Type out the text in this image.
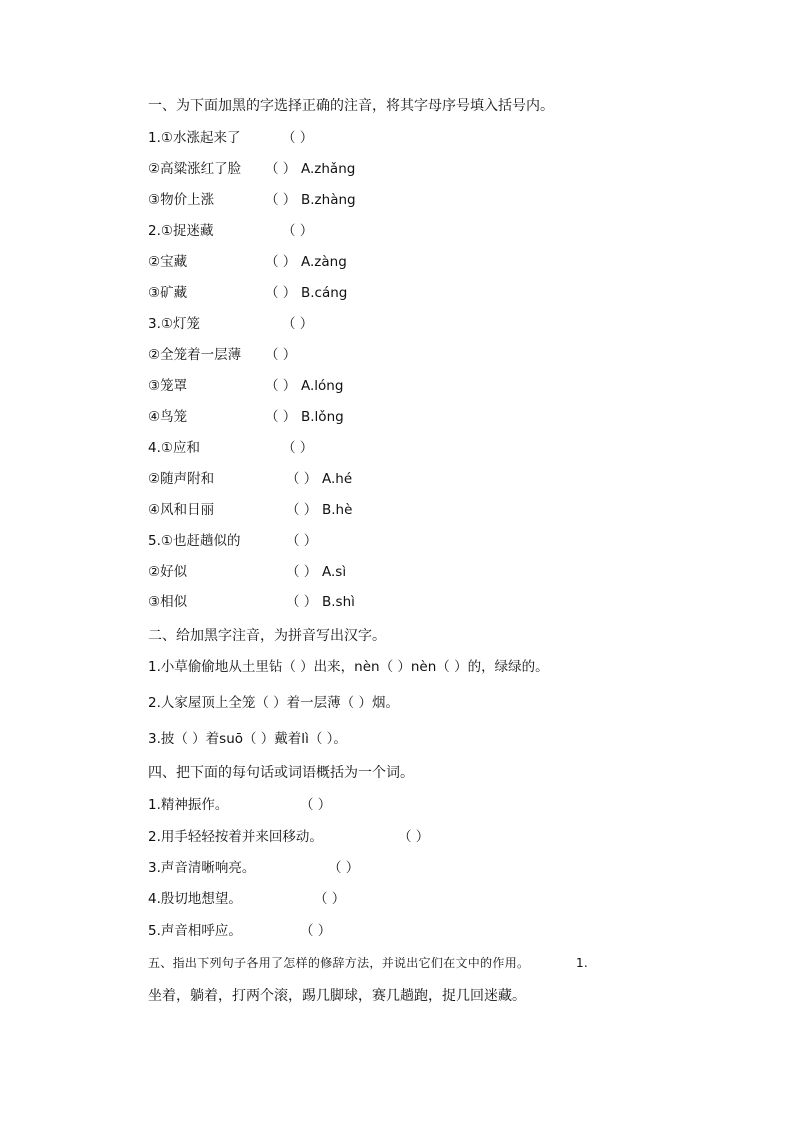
一、为下面加黑的字选择正确的注音，将其字母序号填入括号内。
1.①水涨起来了	（ ）
②高粱涨红了脸 （ ） A.zhǎng
③物价上涨	（ ） B.zhàng
2.①捉迷藏	（ ）
②宝藏	（ ） A.zàng
③矿藏	（ ） B.cáng
3.①灯笼	（ ）
②全笼着一层薄 （ ）
③笼罩	（ ） A.lóng
④鸟笼	（ ） B.lǒng
4.①应和	（ ）
②随声附和	（ ） A.hé
④风和日丽	（ ） B.hè
5.①也赶趟似的	（ ）
②好似	（ ） A.sì
③相似	（ ） B.shì
二、给加黑字注音，为拼音写出汉字。
1.小草偷偷地从土里钻（ ）出来，nèn（ ）nèn（ ）的，绿绿的。
2.人家屋顶上全笼（ ）着一层薄（ ）烟。
3.披（ ）着suō（ ）戴着lì（ ）。
四、把下面的每句话或词语概括为一个词。
1.精神振作。	（ ）
2.用手轻轻按着并来回移动。	（ ）
3.声音清晰响亮。	（ ）
4.殷切地想望。	（ ）
5.声音相呼应。	（ ）
五、指出下列句子各用了怎样的修辞方法，并说出它们在文中的作用。	1.
坐着，躺着，打两个滚，踢几脚球，赛几趟跑，捉几回迷藏。
